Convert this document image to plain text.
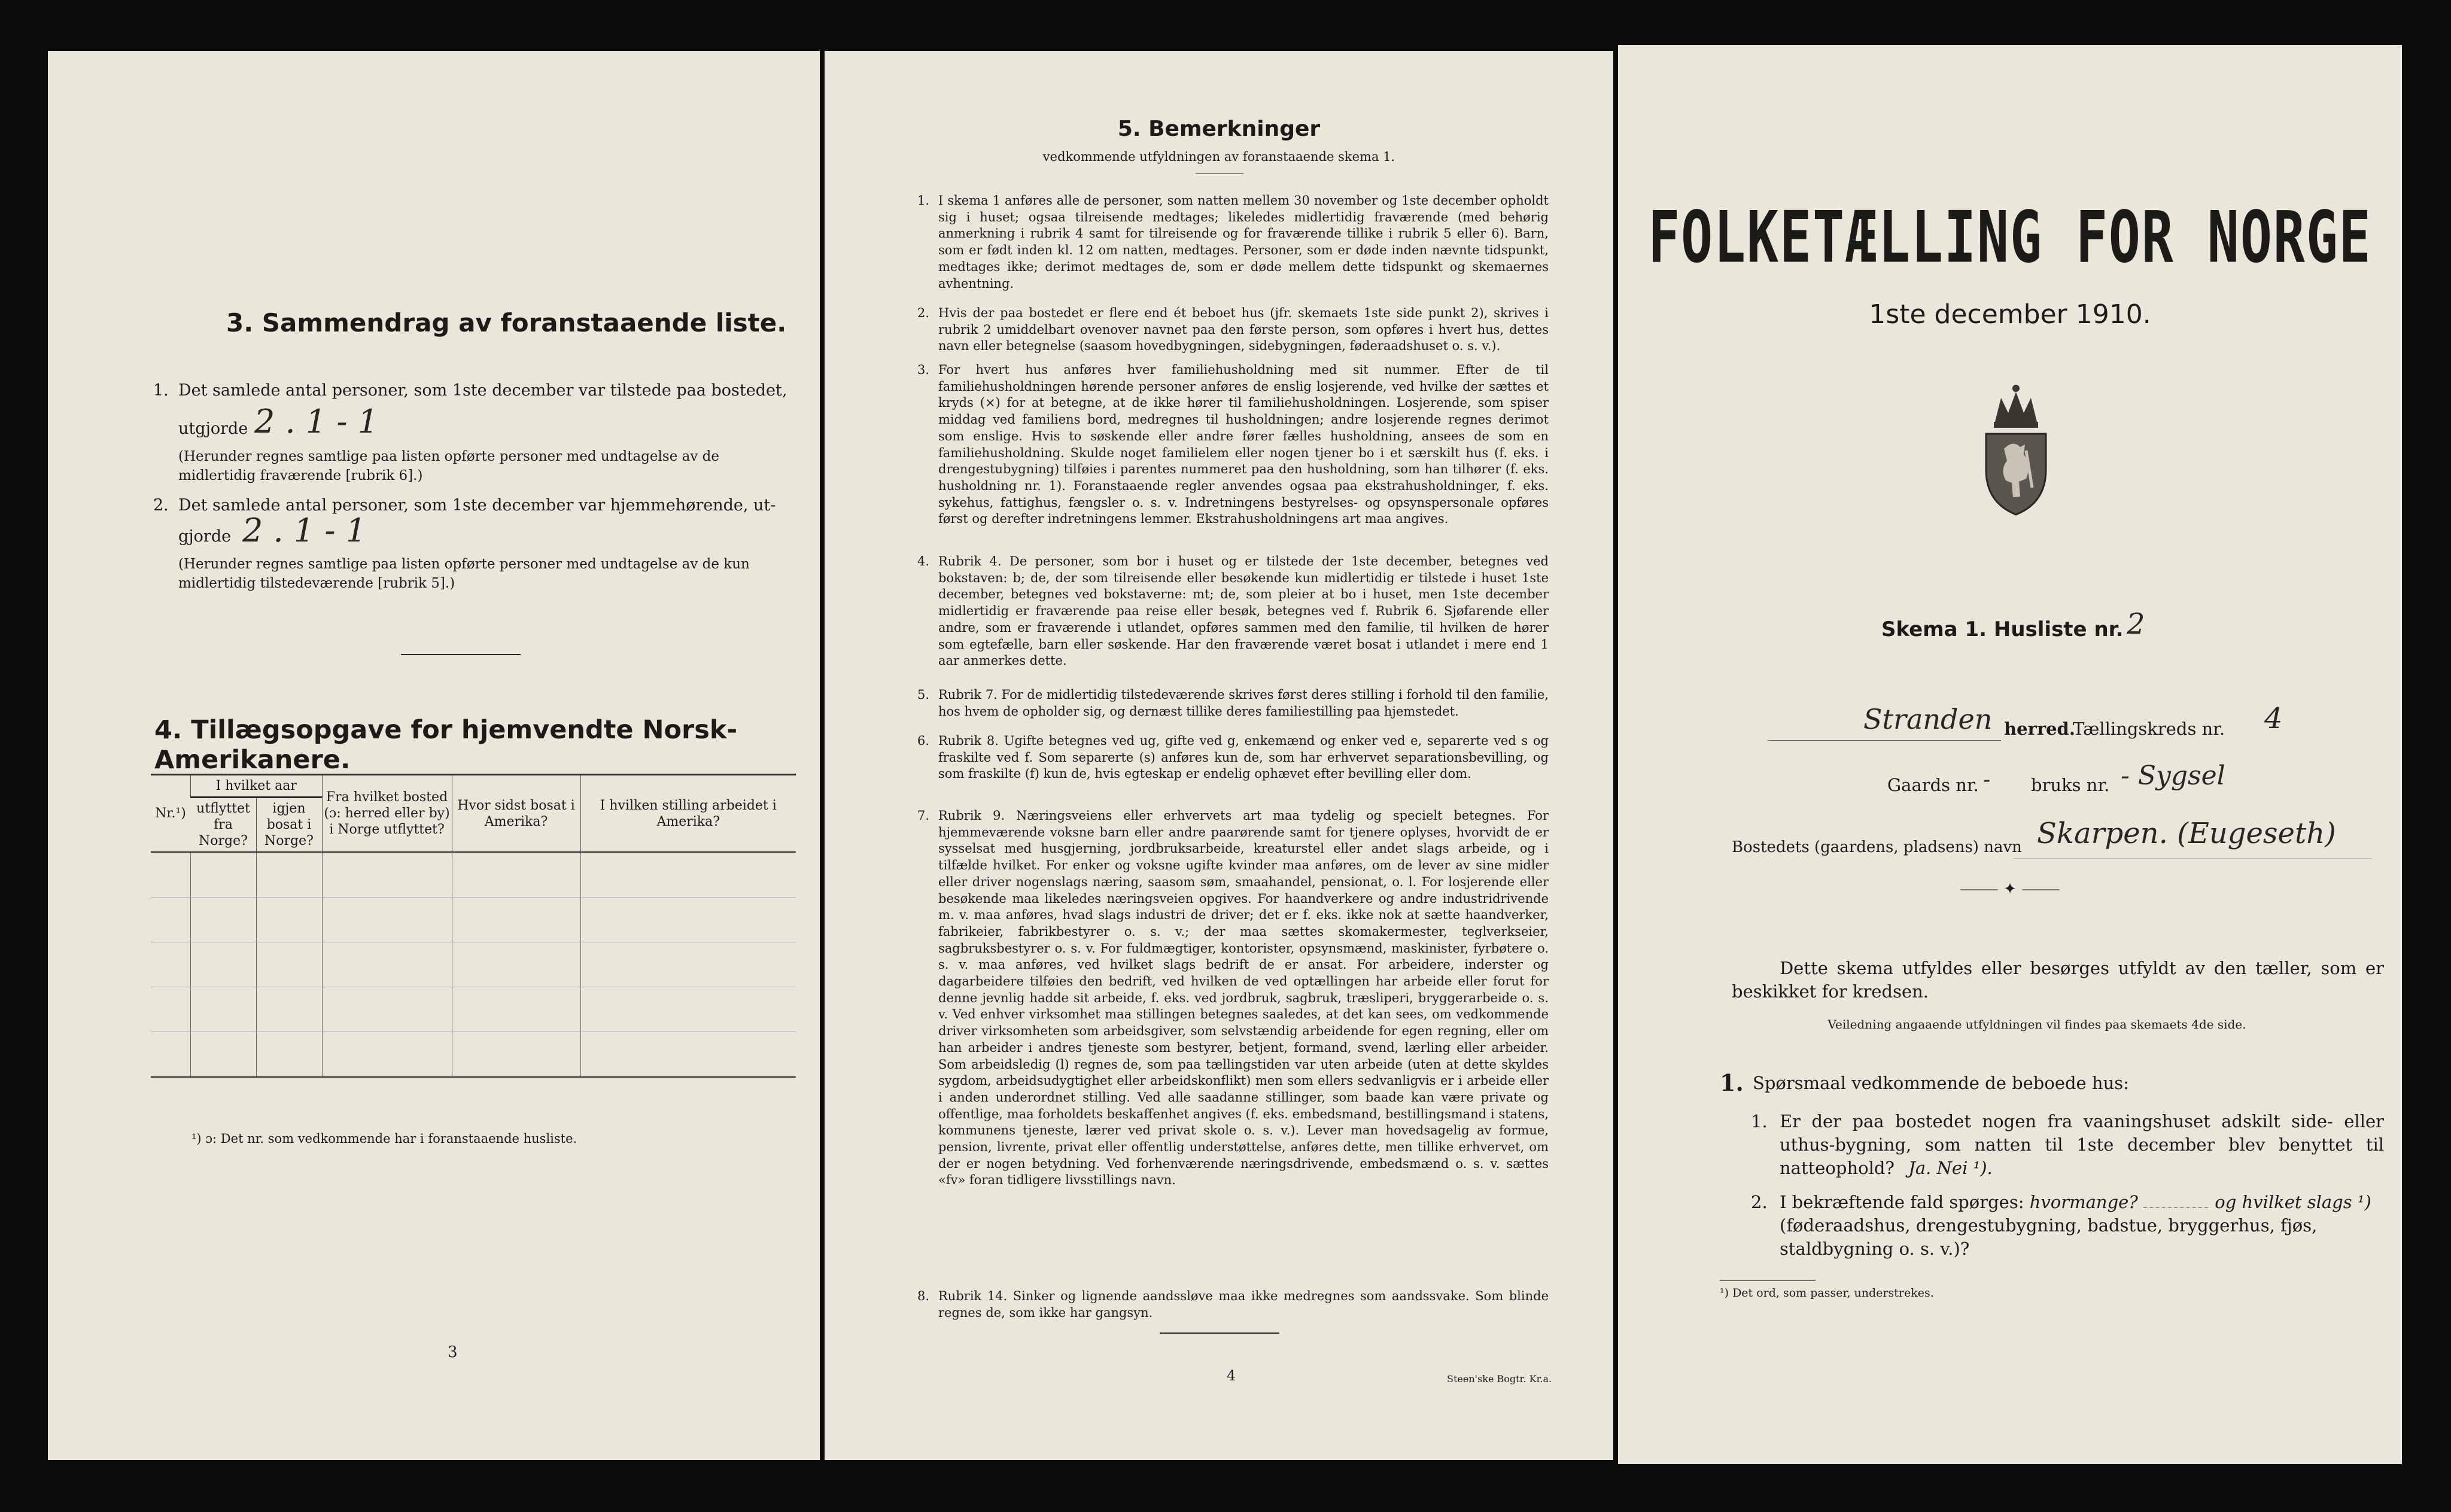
3. Sammendrag av foranstaaende liste.
1. Det samlede antal personer, som 1ste december var tilstede paa bostedet,
utgjorde 2 . 1 - 1
(Herunder regnes samtlige paa listen opførte personer med undtagelse av de midlertidig fraværende [rubrik 6].)
2. Det samlede antal personer, som 1ste december var hjemmehørende, ut-
gjorde 2 . 1 - 1
(Herunder regnes samtlige paa listen opførte personer med undtagelse av de kun midlertidig tilstedeværende [rubrik 5].)
4. Tillægsopgave for hjemvendte Norsk-Amerikanere.
Nr.¹)	I hvilket aar		Fra hvilket bosted (ɔ: herred eller by) i Norge utflyttet?	Hvor sidst bosat i Amerika?	I hvilken stilling arbeidet i Amerika?
	utflyttet fra Norge?	igjen bosat i Norge?			

¹) ɔ: Det nr. som vedkommende har i foranstaaende husliste.
3
5. Bemerkninger
vedkommende utfyldningen av foranstaaende skema 1.
1. I skema 1 anføres alle de personer, som natten mellem 30 november og 1ste december opholdt sig i huset; ogsaa tilreisende medtages; likeledes midlertidig fraværende (med behørig anmerkning i rubrik 4 samt for tilreisende og for fraværende tillike i rubrik 5 eller 6). Barn, som er født inden kl. 12 om natten, medtages. Personer, som er døde inden nævnte tidspunkt, medtages ikke; derimot medtages de, som er døde mellem dette tidspunkt og skemaernes avhentning.
2. Hvis der paa bostedet er flere end ét beboet hus (jfr. skemaets 1ste side punkt 2), skrives i rubrik 2 umiddelbart ovenover navnet paa den første person, som opføres i hvert hus, dettes navn eller betegnelse (saasom hovedbygningen, sidebygningen, føderaadshuset o. s. v.).
3. For hvert hus anføres hver familiehusholdning med sit nummer. Efter de til familiehusholdningen hørende personer anføres de enslig losjerende, ved hvilke der sættes et kryds (×) for at betegne, at de ikke hører til familiehusholdningen. Losjerende, som spiser middag ved familiens bord, medregnes til husholdningen; andre losjerende regnes derimot som enslige. Hvis to søskende eller andre fører fælles husholdning, ansees de som en familiehusholdning. Skulde noget familielem eller nogen tjener bo i et særskilt hus (f. eks. i drengestubygning) tilføies i parentes nummeret paa den husholdning, som han tilhører (f. eks. husholdning nr. 1). Foranstaaende regler anvendes ogsaa paa ekstrahusholdninger, f. eks. sykehus, fattighus, fængsler o. s. v. Indretningens bestyrelses- og opsynspersonale opføres først og derefter indretningens lemmer. Ekstrahusholdningens art maa angives.
4. Rubrik 4. De personer, som bor i huset og er tilstede der 1ste december, betegnes ved bokstaven: b; de, der som tilreisende eller besøkende kun midlertidig er tilstede i huset 1ste december, betegnes ved bokstaverne: mt; de, som pleier at bo i huset, men 1ste december midlertidig er fraværende paa reise eller besøk, betegnes ved f. Rubrik 6. Sjøfarende eller andre, som er fraværende i utlandet, opføres sammen med den familie, til hvilken de hører som egtefælle, barn eller søskende. Har den fraværende været bosat i utlandet i mere end 1 aar anmerkes dette.
5. Rubrik 7. For de midlertidig tilstedeværende skrives først deres stilling i forhold til den familie, hos hvem de opholder sig, og dernæst tillike deres familiestilling paa hjemstedet.
6. Rubrik 8. Ugifte betegnes ved ug, gifte ved g, enkemænd og enker ved e, separerte ved s og fraskilte ved f. Som separerte (s) anføres kun de, som har erhvervet separationsbevilling, og som fraskilte (f) kun de, hvis egteskap er endelig ophævet efter bevilling eller dom.
7. Rubrik 9. Næringsveiens eller erhvervets art maa tydelig og specielt betegnes. For hjemmeværende voksne barn eller andre paarørende samt for tjenere oplyses, hvorvidt de er sysselsat med husgjerning, jordbruksarbeide, kreaturstel eller andet slags arbeide, og i tilfælde hvilket. For enker og voksne ugifte kvinder maa anføres, om de lever av sine midler eller driver nogenslags næring, saasom søm, smaahandel, pensionat, o. l. For losjerende eller besøkende maa likeledes næringsveien opgives. For haandverkere og andre industridrivende m. v. maa anføres, hvad slags industri de driver; det er f. eks. ikke nok at sætte haandverker, fabrikeier, fabrikbestyrer o. s. v.; der maa sættes skomakermester, teglverkseier, sagbruksbestyrer o. s. v. For fuldmægtiger, kontorister, opsynsmænd, maskinister, fyrbøtere o. s. v. maa anføres, ved hvilket slags bedrift de er ansat. For arbeidere, inderster og dagarbeidere tilføies den bedrift, ved hvilken de ved optællingen har arbeide eller forut for denne jevnlig hadde sit arbeide, f. eks. ved jordbruk, sagbruk, træsliperi, bryggerarbeide o. s. v. Ved enhver virksomhet maa stillingen betegnes saaledes, at det kan sees, om vedkommende driver virksomheten som arbeidsgiver, som selvstændig arbeidende for egen regning, eller om han arbeider i andres tjeneste som bestyrer, betjent, formand, svend, lærling eller arbeider. Som arbeidsledig (l) regnes de, som paa tællingstiden var uten arbeide (uten at dette skyldes sygdom, arbeidsudygtighet eller arbeidskonflikt) men som ellers sedvanligvis er i arbeide eller i anden underordnet stilling. Ved alle saadanne stillinger, som baade kan være private og offentlige, maa forholdets beskaffenhet angives (f. eks. embedsmand, bestillingsmand i statens, kommunens tjeneste, lærer ved privat skole o. s. v.). Lever man hovedsagelig av formue, pension, livrente, privat eller offentlig understøttelse, anføres dette, men tillike erhvervet, om der er nogen betydning. Ved forhenværende næringsdrivende, embedsmænd o. s. v. sættes «fv» foran tidligere livsstillings navn.
8. Rubrik 14. Sinker og lignende aandssløve maa ikke medregnes som aandssvake. Som blinde regnes de, som ikke har gangsyn.
4	Steen'ske Bogtr. Kr.a.
FOLKETÆLLING FOR NORGE
1ste december 1910.
Skema 1. Husliste nr. 2
Stranden herred.
Tællingskreds nr. 4
Gaards nr. - bruks nr. - Sygsel
Bostedets (gaardens, pladsens) navn Skarpen. (Eugeseth)
⸻ ✦ ⸻
Dette skema utfyldes eller besørges utfyldt av den tæller, som er beskikket for kredsen.
Veiledning angaaende utfyldningen vil findes paa skemaets 4de side.
1. Spørsmaal vedkommende de beboede hus:
1. Er der paa bostedet nogen fra vaaningshuset adskilt side- eller uthus-bygning, som natten til 1ste december blev benyttet til natteophold? Ja. Nei ¹).
2. I bekræftende fald spørges: hvormange?	og hvilket slags ¹) (føderaadshus, drengestubygning, badstue, bryggerhus, fjøs, staldbygning o. s. v.)?
¹) Det ord, som passer, understrekes.
